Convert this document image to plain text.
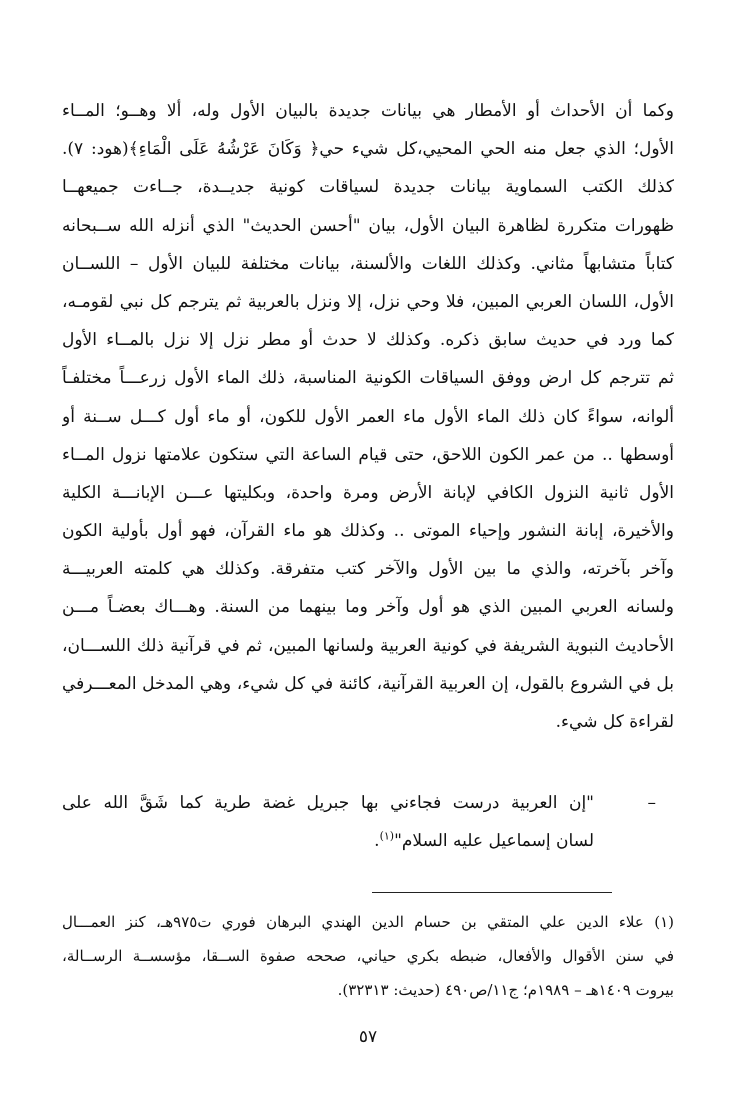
وكما أن الأحداث أو الأمطار هي بيانات جديدة بالبيان الأول وله، ألا وهــو؛ المــاء
الأول؛ الذي جعل منه الحي المحيي،كل شيء حي﴿ وَكَانَ عَرْشُهُ عَلَى الْمَاءِ﴾(هود: ٧).
كذلك الكتب السماوية بيانات جديدة لسياقات كونية جديــدة، جــاءت جميعهــا
ظهورات متكررة لظاهرة البيان الأول، بيان "أحسن الحديث" الذي أنزله الله ســبحانه
كتاباً متشابهاً مثاني. وكذلك اللغات والألسنة، بيانات مختلفة للبيان الأول – اللســان
الأول، اللسان العربي المبين، فلا وحي نزل، إلا ونزل بالعربية ثم يترجم كل نبي لقومـه،
كما ورد في حديث سابق ذكره. وكذلك لا حدث أو مطر نزل إلا نزل بالمــاء الأول
ثم تترجم كل ارض ووفق السياقات الكونية المناسبة، ذلك الماء الأول زرعـــاً مختلفـاً
ألوانه، سواءً كان ذلك الماء الأول ماء العمر الأول للكون، أو ماء أول كـــل ســنة أو
أوسطها .. من عمر الكون اللاحق، حتى قيام الساعة التي ستكون علامتها نزول المــاء
الأول ثانية النزول الكافي لإبانة الأرض ومرة واحدة، وبكليتها عـــن الإبانـــة الكلية
والأخيرة، إبانة النشور وإحياء الموتى .. وكذلك هو ماء القرآن، فهو أول بأولية الكون
وآخر بآخرته، والذي ما بين الأول والآخر كتب متفرقة. وكذلك هي كلمته العربيـــة
ولسانه العربي المبين الذي هو أول وآخر وما بينهما من السنة. وهـــاك بعضـاً مـــن
الأحاديث النبوية الشريفة في كونية العربية ولسانها المبين، ثم في قرآنية ذلك اللســـان،
بل في الشروع بالقول، إن العربية القرآنية، كائنة في كل شيء، وهي المدخل المعـــرفي
لقراءة كل شيء.
–
"إن العربية درست فجاءني بها جبريل غضة طرية كما شَقَّ الله على
لسان إسماعيل عليه السلام"$^{(١)}$.
(١) علاء الدين علي المتقي بن حسام الدين الهندي البرهان فوري ت٩٧٥هـ، كنز العمـــال
في سنن الأقوال والأفعال، ضبطه بكري حياني، صححه صفوة الســقا، مؤسســة الرســالة،
بيروت ١٤٠٩هـ – ١٩٨٩م؛ ج١١/ص٤٩٠ (حديث: ٣٢٣١٣).
٥٧
